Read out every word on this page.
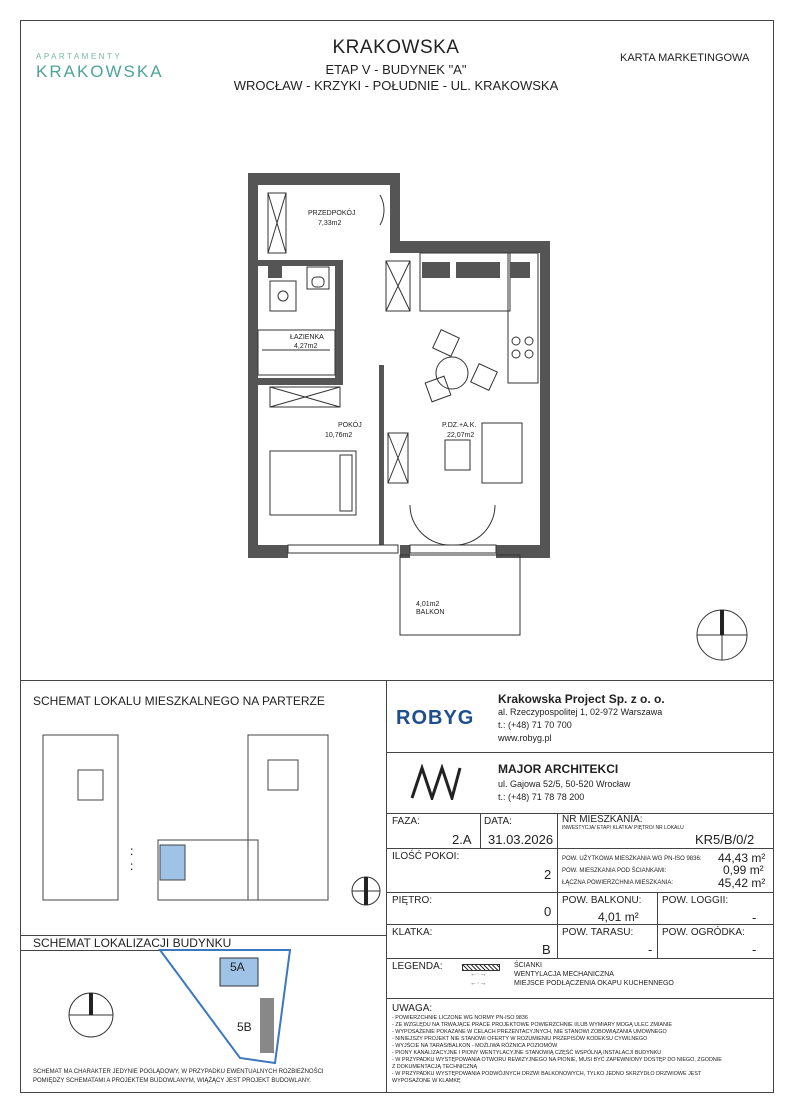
APARTAMENTY
KRAKOWSKA
KRAKOWSKA
ETAP V - BUDYNEK "A"
WROCŁAW - KRZYKI - POŁUDNIE - UL. KRAKOWSKA
KARTA MARKETINGOWA
PRZEDPOKÓJ
7,33m2
ŁAZIENKA
4,27m2
POKÓJ
10,76m2
P.DZ.+A.K.
22,07m2
4,01m2
BALKON
SCHEMAT LOKALU MIESZKALNEGO NA PARTERZE
:
:
SCHEMAT LOKALIZACJI BUDYNKU
5A
5B
SCHEMAT MA CHARAKTER JEDYNIE POGLĄDOWY, W PRZYPADKU EWENTUALNYCH ROZBIEŻNOŚCI POMIĘDZY SCHEMATAMI A PROJEKTEM BUDOWLANYM, WIĄŻĄCY JEST PROJEKT BUDOWLANY.
ROBYG
Krakowska Project Sp. z o. o.
al. Rzeczypospolitej 1, 02-972 Warszawa
t.: (+48) 71 70 700
www.robyg.pl
MAJOR ARCHITEKCI
ul. Gajowa 52/5, 50-520 Wrocław
t.: (+48) 71 78 78 200
FAZA:
2.A
DATA:
31.03.2026
NR MIESZKANIA:
INWESTYCJA/ ETAP/ KLATKA/ PIĘTRO/ NR LOKALU
KR5/B/0/2
ILOŚĆ POKOI:
2
POW. UŻYTKOWA MIESZKANIA WG PN-ISO 9836: 44,43 m²
POW. MIESZKANIA POD ŚCIANKAMI:	0,99 m²
ŁĄCZNA POWIERZCHNIA MIESZKANIA:	45,42 m²
PIĘTRO:
0
POW. BALKONU:
4,01 m²
POW. LOGGII:
-
KLATKA:
B
POW. TARASU:
-
POW. OGRÓDKA:
-
LEGENDA:
←·→
←·→
ŚCIANKI
WENTYLACJA MECHANICZNA
MIEJSCE PODŁĄCZENIA OKAPU KUCHENNEGO
UWAGA:
- POWIERZCHNIE LICZONE WG NORMY PN-ISO 9836
- ZE WZGLĘDU NA TRWAJĄCE PRACE PROJEKTOWE POWIERZCHNIE I/LUB WYMIARY MOGĄ ULEC ZMIANIE
- WYPOSAŻENIE POKAZANE W CELACH PREZENTACYJNYCH, NIE STANOWI ZOBOWIĄZANIA UMOWNEGO
- NINIEJSZY PROJEKT NIE STANOWI OFERTY W ROZUMIENIU PRZEPISÓW KODEKSU CYWILNEGO
- WYJŚCIE NA TARAS/BALKON - MOŻLIWA RÓŻNICA POZIOMÓW
- PIONY KANALIZACYJNE I PIONY WENTYLACYJNE STANOWIĄ CZĘŚĆ WSPÓLNĄ INSTALACJI BUDYNKU
- W PRZYPADKU WYSTĘPOWANIA OTWORU REWIZYJNEGO NA PIONIE, MUSI BYĆ ZAPEWNIONY DOSTĘP DO NIEGO, ZGODNIE Z DOKUMENTACJĄ TECHNICZNĄ
- W PRZYPADKU WYSTĘPOWANIA PODWÓJNYCH DRZWI BALKONOWYCH, TYLKO JEDNO SKRZYDŁO DRZWIOWE JEST WYPOSAŻONE W KLAMKĘ
